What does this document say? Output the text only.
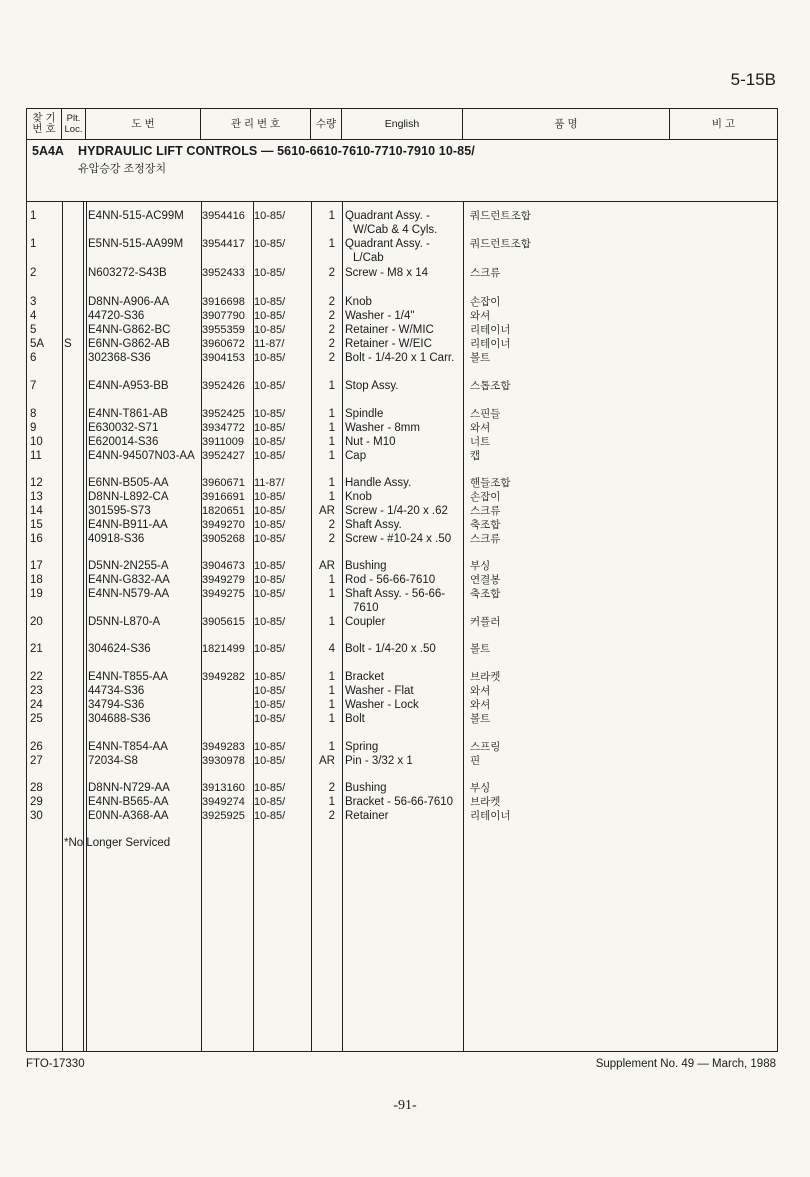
5-15B
찾 기
번 호
Plt.
Loc.	도 번	관 리 번 호	수량	English	품 명	비 고
5A4A HYDRAULIC LIFT CONTROLS — 5610-6610-7610-7710-7910 10-85/
유압승강 조정장치
1	E4NN-515-AC99M 3954416 10-85/	1 Quadrant Assy. -	쿼드런트조합
W/Cab & 4 Cyls.
1	E5NN-515-AA99M 3954417 10-85/	1 Quadrant Assy. -	쿼드런트조합
L/Cab
2	N603272-S43B	3952433 10-85/	2 Screw - M8 x 14	스크류
3	D8NN-A906-AA	3916698 10-85/	2 Knob	손잡이
4	44720-S36	3907790 10-85/	2 Washer - 1/4"	와셔
5	E4NN-G862-BC	3955359 10-85/	2 Retainer - W/MIC	리테이너
5A S E6NN-G862-AB	3960672 11-87/	2 Retainer - W/EIC	리테이너
6	302368-S36	3904153 10-85/	2 Bolt - 1/4-20 x 1 Carr. 볼트
7	E4NN-A953-BB	3952426 10-85/	1 Stop Assy.	스톱조합
8	E4NN-T861-AB	3952425 10-85/	1 Spindle	스핀들
9	E630032-S71	3934772 10-85/	1 Washer - 8mm	와셔
10	E620014-S36	3911009 10-85/	1 Nut - M10	너트
11	E4NN-94507N03-AA 3952427 10-85/	1 Cap	캡
12	E6NN-B505-AA	3960671 11-87/	1 Handle Assy.	핸들조합
13	D8NN-L892-CA	3916691 10-85/	1 Knob	손잡이
14	301595-S73	1820651 10-85/	AR Screw - 1/4-20 x .62 스크류
15	E4NN-B911-AA	3949270 10-85/	2 Shaft Assy.	축조합
16	40918-S36	3905268 10-85/	2 Screw - #10-24 x .50 스크류
17	D5NN-2N255-A	3904673 10-85/	AR Bushing	부싱
18	E4NN-G832-AA	3949279 10-85/	1 Rod - 56-66-7610	연결봉
19	E4NN-N579-AA	3949275 10-85/	1 Shaft Assy. - 56-66- 축조합
7610
20	D5NN-L870-A	3905615 10-85/	1 Coupler	커플러
21	304624-S36	1821499 10-85/	4 Bolt - 1/4-20 x .50	볼트
22	E4NN-T855-AA	3949282 10-85/	1 Bracket	브라켓
23	44734-S36	10-85/	1 Washer - Flat	와셔
24	34794-S36	10-85/	1 Washer - Lock	와셔
25	304688-S36	10-85/	1 Bolt	볼트
26	E4NN-T854-AA	3949283 10-85/	1 Spring	스프링
27	72034-S8	3930978 10-85/	AR Pin - 3/32 x 1	핀
28	D8NN-N729-AA	3913160 10-85/	2 Bushing	부싱
29	E4NN-B565-AA	3949274 10-85/	1 Bracket - 56-66-7610 브라켓
30	E0NN-A368-AA	3925925 10-85/	2 Retainer	리테이너
*No Longer Serviced
FTO-17330	Supplement No. 49 — March, 1988
-91-
